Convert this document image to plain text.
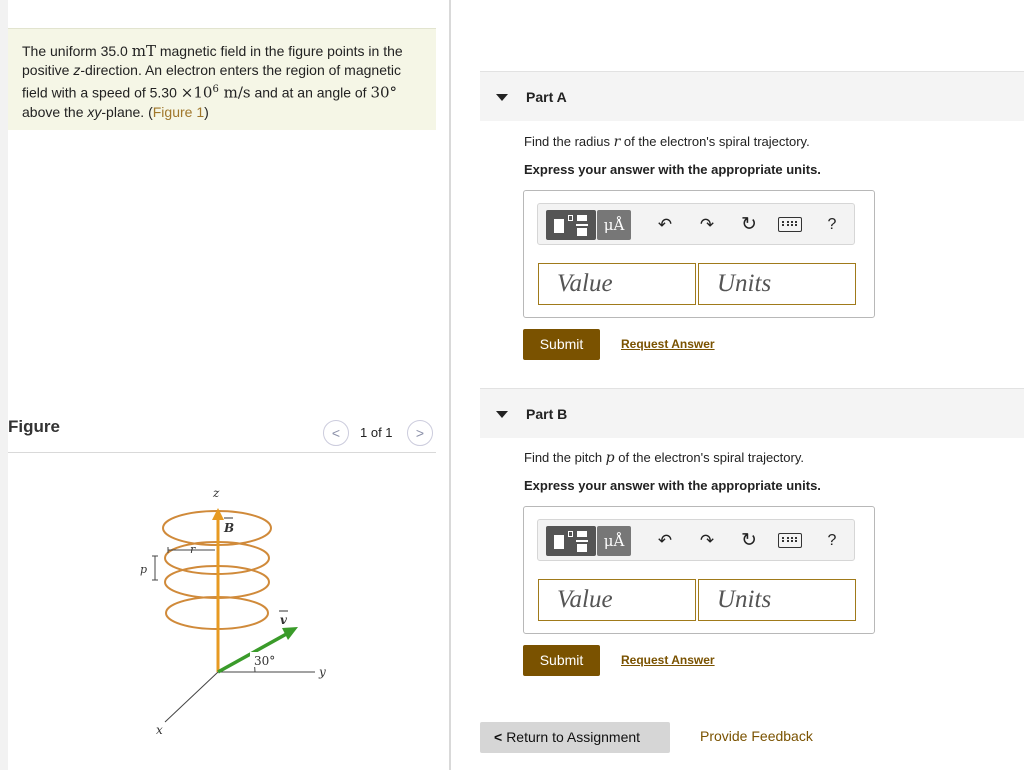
The uniform 35.0 mT magnetic field in the figure points in the positive z-direction. An electron enters the region of magnetic field with a speed of $5.30 \times 10^6$ m/s and at an angle of 30° above the xy-plane. (Figure 1)
Figure	<	1 of 1	>
z
y
x
B
v
r
p
30°
Part A
Find the radius r of the electron's spiral trajectory.
Express your answer with the appropriate units.
μÅ	↶ ↷ ↻	?
Value	Units
Submit	Request Answer
Part B
Find the pitch p of the electron's spiral trajectory.
Express your answer with the appropriate units.
μÅ	↶ ↷ ↻	?
Value	Units
Submit	Request Answer
< Return to Assignment	Provide Feedback
